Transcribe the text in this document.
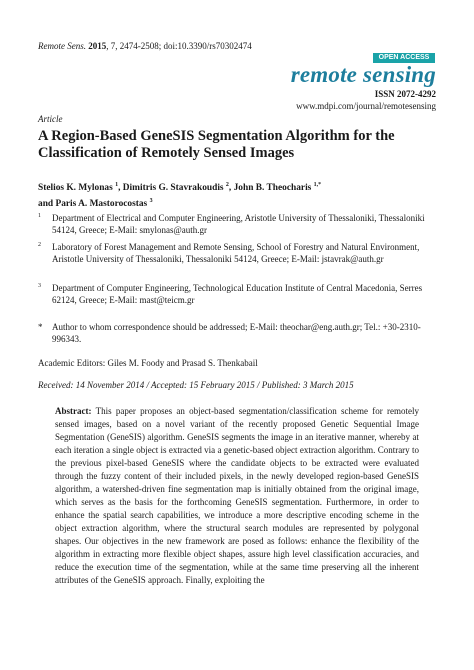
Remote Sens. 2015, 7, 2474-2508; doi:10.3390/rs70302474
OPEN ACCESS
remote sensing
ISSN 2072-4292
www.mdpi.com/journal/remotesensing
Article
A Region-Based GeneSIS Segmentation Algorithm for the Classification of Remotely Sensed Images
Stelios K. Mylonas $^1$, Dimitris G. Stavrakoudis $^2$, John B. Theocharis $^{1,*}$
and Paris A. Mastorocostas $^3$
1 Department of Electrical and Computer Engineering, Aristotle University of Thessaloniki, Thessaloniki 54124, Greece; E-Mail: smylonas@auth.gr
2 Laboratory of Forest Management and Remote Sensing, School of Forestry and Natural Environment, Aristotle University of Thessaloniki, Thessaloniki 54124, Greece; E-Mail: jstavrak@auth.gr
3 Department of Computer Engineering, Technological Education Institute of Central Macedonia, Serres 62124, Greece; E-Mail: mast@teicm.gr
* Author to whom correspondence should be addressed; E-Mail: theochar@eng.auth.gr; Tel.: +30-2310-996343.
Academic Editors: Giles M. Foody and Prasad S. Thenkabail
Received: 14 November 2014 / Accepted: 15 February 2015 / Published: 3 March 2015

Abstract: This paper proposes an object-based segmentation/classification scheme for remotely sensed images, based on a novel variant of the recently proposed Genetic Sequential Image Segmentation (GeneSIS) algorithm. GeneSIS segments the image in an iterative manner, whereby at each iteration a single object is extracted via a genetic-based object extraction algorithm. Contrary to the previous pixel-based GeneSIS where the candidate objects to be extracted were evaluated through the fuzzy content of their included pixels, in the newly developed region-based GeneSIS algorithm, a watershed-driven fine segmentation map is initially obtained from the original image, which serves as the basis for the forthcoming GeneSIS segmentation. Furthermore, in order to enhance the spatial search capabilities, we introduce a more descriptive encoding scheme in the object extraction algorithm, where the structural search modules are represented by polygonal shapes. Our objectives in the new framework are posed as follows: enhance the flexibility of the algorithm in extracting more flexible object shapes, assure high level classification accuracies, and reduce the execution time of the segmentation, while at the same time preserving all the inherent attributes of the GeneSIS approach. Finally, exploiting the
